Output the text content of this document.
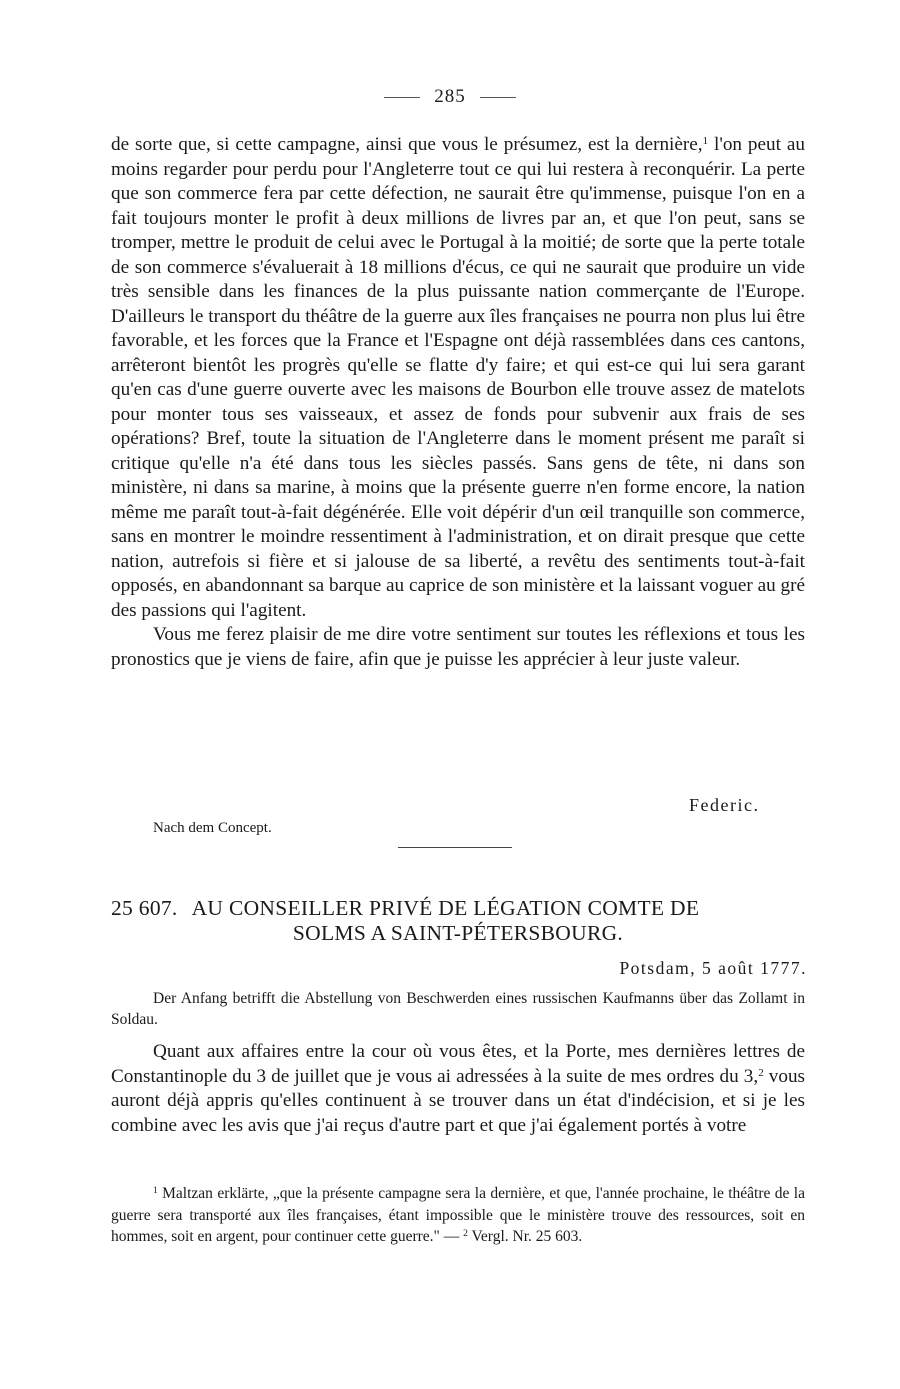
285

de sorte que, si cette campagne, ainsi que vous le présumez, est la dernière,$^1$ l'on peut au moins regarder pour perdu pour l'Angleterre tout ce qui lui restera à reconquérir. La perte que son commerce fera par cette défection, ne saurait être qu'immense, puisque l'on en a fait toujours monter le profit à deux millions de livres par an, et que l'on peut, sans se tromper, mettre le produit de celui avec le Portugal à la moitié; de sorte que la perte totale de son commerce s'évaluerait à 18 millions d'écus, ce qui ne saurait que produire un vide très sensible dans les finances de la plus puissante nation commerçante de l'Europe. D'ailleurs le transport du théâtre de la guerre aux îles françaises ne pourra non plus lui être favorable, et les forces que la France et l'Espagne ont déjà rassemblées dans ces cantons, arrêteront bientôt les progrès qu'elle se flatte d'y faire; et qui est-ce qui lui sera garant qu'en cas d'une guerre ouverte avec les maisons de Bourbon elle trouve assez de matelots pour monter tous ses vaisseaux, et assez de fonds pour subvenir aux frais de ses opérations? Bref, toute la situation de l'Angleterre dans le moment présent me paraît si critique qu'elle n'a été dans tous les siècles passés. Sans gens de tête, ni dans son ministère, ni dans sa marine, à moins que la présente guerre n'en forme encore, la nation même me paraît tout-à-fait dégénérée. Elle voit dépérir d'un œil tranquille son commerce, sans en montrer le moindre ressentiment à l'administration, et on dirait presque que cette nation, autrefois si fière et si jalouse de sa liberté, a revêtu des sentiments tout-à-fait opposés, en abandonnant sa barque au caprice de son ministère et la laissant voguer au gré des passions qui l'agitent.

Vous me ferez plaisir de me dire votre sentiment sur toutes les réflexions et tous les pronostics que je viens de faire, afin que je puisse les apprécier à leur juste valeur.

Federic.
Nach dem Concept.
25 607. AU CONSEILLER PRIVÉ DE LÉGATION COMTE DE
SOLMS A SAINT-PÉTERSBOURG.
Potsdam, 5 août 1777.
Der Anfang betrifft die Abstellung von Beschwerden eines russischen Kaufmanns über das Zollamt in Soldau.

Quant aux affaires entre la cour où vous êtes, et la Porte, mes dernières lettres de Constantinople du 3 de juillet que je vous ai adressées à la suite de mes ordres du 3,$^2$ vous auront déjà appris qu'elles continuent à se trouver dans un état d'indécision, et si je les combine avec les avis que j'ai reçus d'autre part et que j'ai également portés à votre

$^1$ Maltzan erklärte, „que la présente campagne sera la dernière, et que, l'année prochaine, le théâtre de la guerre sera transporté aux îles françaises, étant impossible que le ministère trouve des ressources, soit en hommes, soit en argent, pour continuer cette guerre." — $^2$ Vergl. Nr. 25 603.
